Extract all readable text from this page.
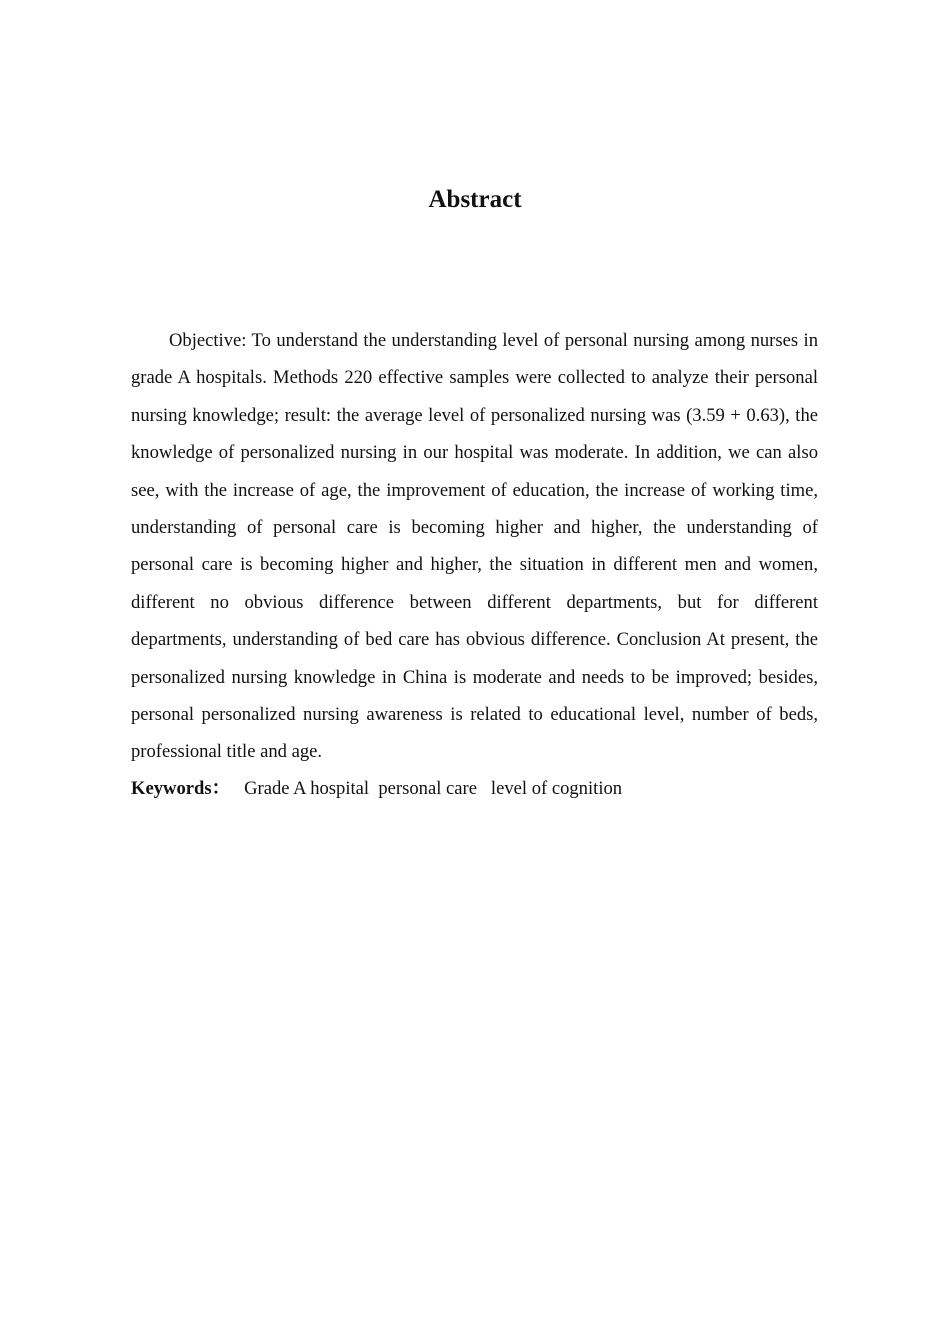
Abstract

Objective: To understand the understanding level of personal nursing among nurses in grade A hospitals. Methods 220 effective samples were collected to analyze their personal nursing knowledge; result: the average level of personalized nursing was (3.59 + 0.63), the knowledge of personalized nursing in our hospital was moderate. In addition, we can also see, with the increase of age, the improvement of education, the increase of working time, understanding of personal care is becoming higher and higher, the understanding of personal care is becoming higher and higher, the situation in different men and women, different no obvious difference between different departments, but for different departments, understanding of bed care has obvious difference. Conclusion At present, the personalized nursing knowledge in China is moderate and needs to be improved; besides, personal personalized nursing awareness is related to educational level, number of beds, professional title and age.

Keywords：   Grade A hospital  personal care   level of cognition
